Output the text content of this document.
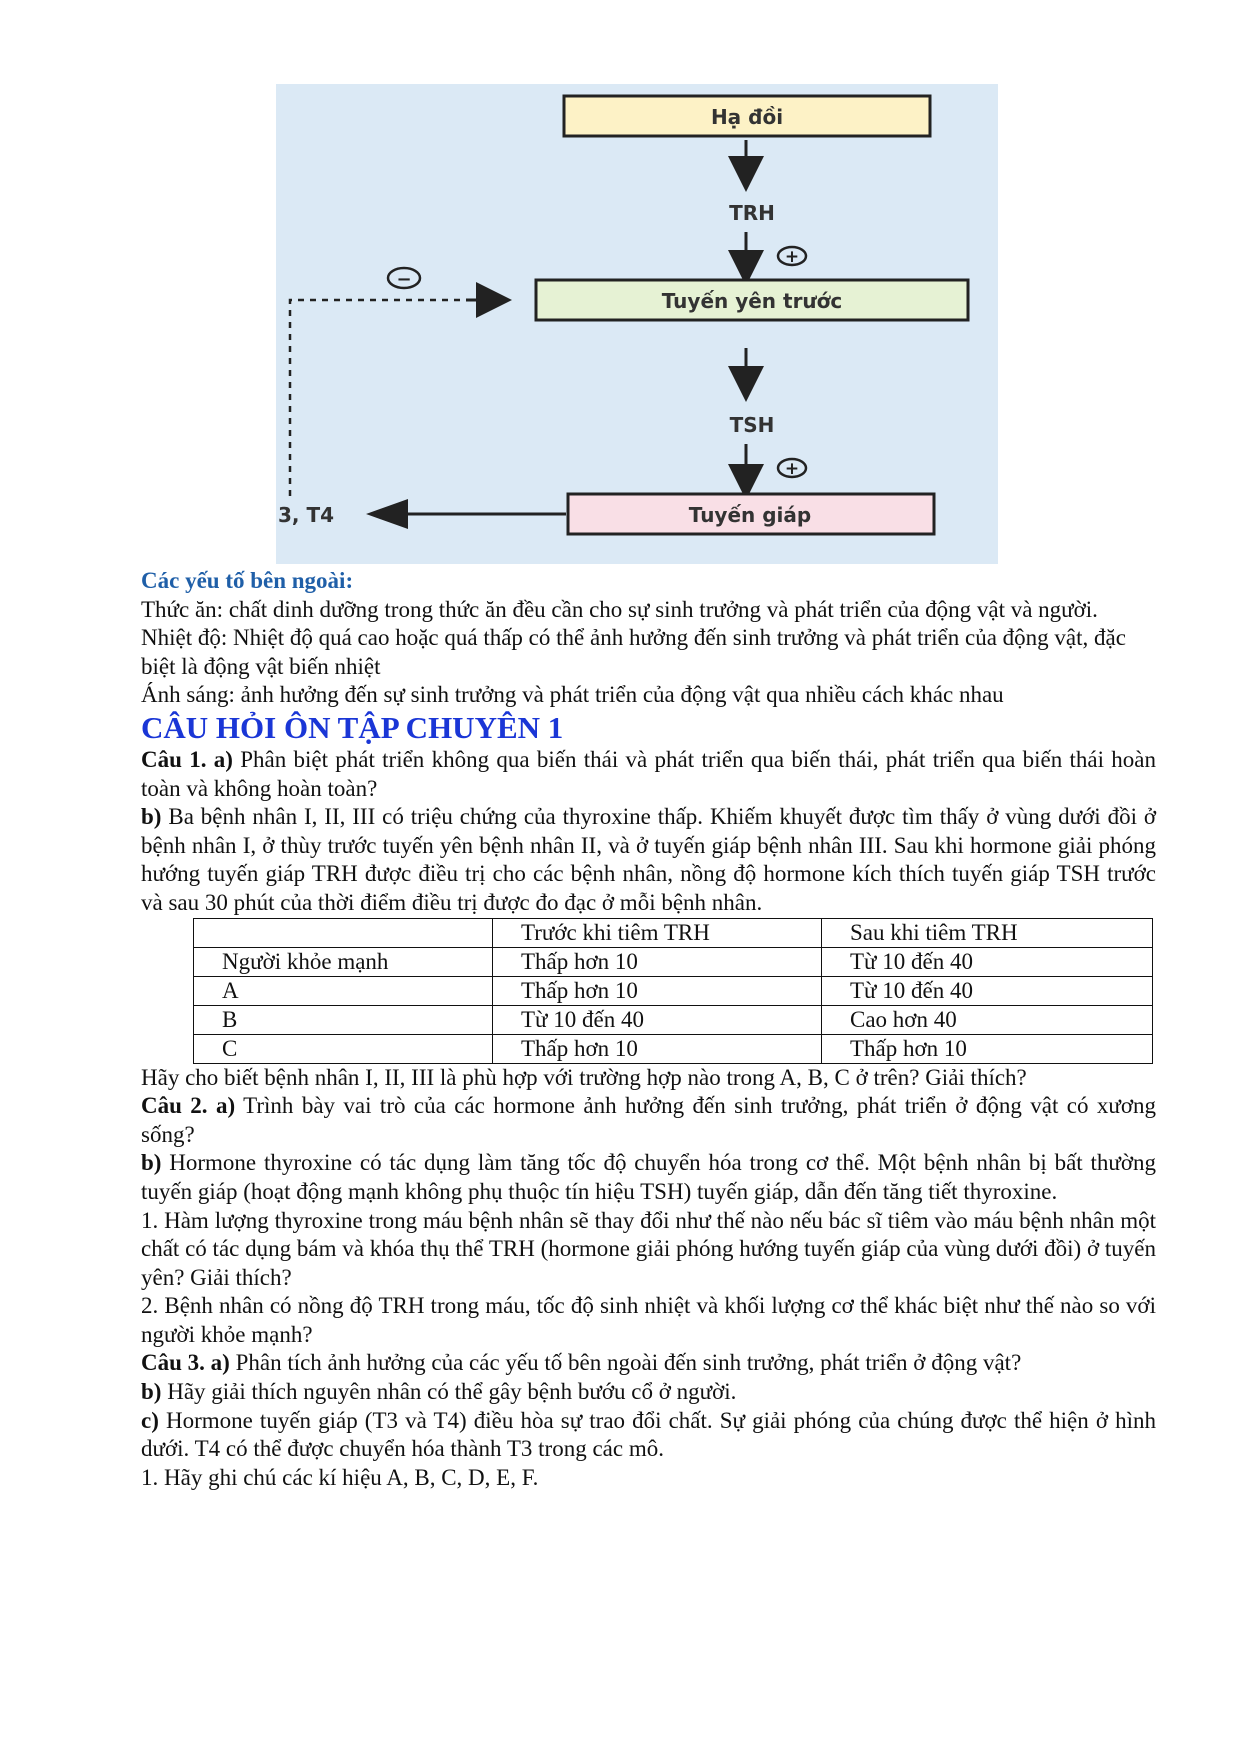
Hạ đồi
TRH
+
−
Tuyến yên trước
TSH
+
Tuyến giáp
3, T4

Các yếu tố bên ngoài:

Thức ăn: chất dinh dưỡng trong thức ăn đều cần cho sự sinh trưởng và phát triển của động vật và người.

Nhiệt độ: Nhiệt độ quá cao hoặc quá thấp có thể ảnh hưởng đến sinh trưởng và phát triển của động vật, đặc biệt là động vật biến nhiệt

Ánh sáng: ảnh hưởng đến sự sinh trưởng và phát triển của động vật qua nhiều cách khác nhau

CÂU HỎI ÔN TẬP CHUYÊN 1

Câu 1. a) Phân biệt phát triển không qua biến thái và phát triển qua biến thái, phát triển qua biến thái hoàn toàn và không hoàn toàn?

b) Ba bệnh nhân I, II, III có triệu chứng của thyroxine thấp. Khiếm khuyết được tìm thấy ở vùng dưới đồi ở bệnh nhân I, ở thùy trước tuyến yên bệnh nhân II, và ở tuyến giáp bệnh nhân III. Sau khi hormone giải phóng hướng tuyến giáp TRH được điều trị cho các bệnh nhân, nồng độ hormone kích thích tuyến giáp TSH trước và sau 30 phút của thời điểm điều trị được đo đạc ở mỗi bệnh nhân.

	Trước khi tiêm TRH	Sau khi tiêm TRH
Người khỏe mạnh	Thấp hơn 10	Từ 10 đến 40
A	Thấp hơn 10	Từ 10 đến 40
B	Từ 10 đến 40	Cao hơn 40
C	Thấp hơn 10	Thấp hơn 10

Hãy cho biết bệnh nhân I, II, III là phù hợp với trường hợp nào trong A, B, C ở trên? Giải thích?

Câu 2. a) Trình bày vai trò của các hormone ảnh hưởng đến sinh trưởng, phát triển ở động vật có xương sống?

b) Hormone thyroxine có tác dụng làm tăng tốc độ chuyển hóa trong cơ thể. Một bệnh nhân bị bất thường tuyến giáp (hoạt động mạnh không phụ thuộc tín hiệu TSH) tuyến giáp, dẫn đến tăng tiết thyroxine.

1. Hàm lượng thyroxine trong máu bệnh nhân sẽ thay đổi như thế nào nếu bác sĩ tiêm vào máu bệnh nhân một chất có tác dụng bám và khóa thụ thể TRH (hormone giải phóng hướng tuyến giáp của vùng dưới đồi) ở tuyến yên? Giải thích?

2. Bệnh nhân có nồng độ TRH trong máu, tốc độ sinh nhiệt và khối lượng cơ thể khác biệt như thế nào so với người khỏe mạnh?

Câu 3. a) Phân tích ảnh hưởng của các yếu tố bên ngoài đến sinh trưởng, phát triển ở động vật?

b) Hãy giải thích nguyên nhân có thể gây bệnh bướu cổ ở người.

c) Hormone tuyến giáp (T3 và T4) điều hòa sự trao đổi chất. Sự giải phóng của chúng được thể hiện ở hình dưới. T4 có thể được chuyển hóa thành T3 trong các mô.

1. Hãy ghi chú các kí hiệu A, B, C, D, E, F.
